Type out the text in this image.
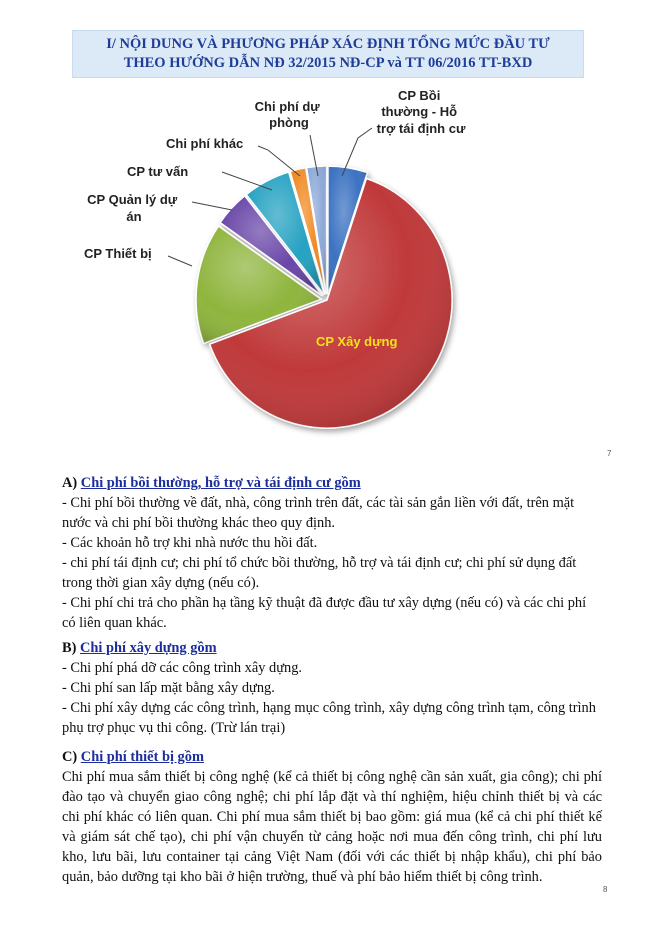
I/ NỘI DUNG VÀ PHƯƠNG PHÁP XÁC ĐỊNH TỔNG MỨC ĐẦU TƯ
THEO HƯỚNG DẪN NĐ 32/2015 NĐ-CP và TT 06/2016 TT-BXD
CP Bồi thường - Hỗ trợ tái định cư
Chi phí dự phòng
Chi phí khác
CP tư vấn
CP Quản lý dự án
CP Thiết bị
CP Xây dựng
7
A) Chi phí bồi thường, hỗ trợ và tái định cư gồm

- Chi phí bồi thường về đất, nhà, công trình trên đất, các tài sản gắn liền với đất, trên mặt nước và chi phí bồi thường khác theo quy định.

- Các khoản hỗ trợ khi nhà nước thu hồi đất.

- chi phí tái định cư; chi phí tổ chức bồi thường, hỗ trợ và tái định cư; chi phí sử dụng đất trong thời gian xây dựng (nếu có).

- Chi phí chi trả cho phần hạ tầng kỹ thuật đã được đầu tư xây dựng (nếu có) và các chi phí có liên quan khác.

B) Chi phí xây dựng gồm

- Chi phí phá dỡ các công trình xây dựng.

- Chi phí san lấp mặt bằng xây dựng.

- Chi phí xây dựng các công trình, hạng mục công trình, xây dựng công trình tạm, công trình phụ trợ phục vụ thi công. (Trừ lán trại)

C) Chi phí thiết bị gồm

Chi phí mua sắm thiết bị công nghệ (kể cả thiết bị công nghệ cần sản xuất, gia công); chi phí đào tạo và chuyển giao công nghệ; chi phí lắp đặt và thí nghiệm, hiệu chỉnh thiết bị và các chi phí khác có liên quan. Chi phí mua sắm thiết bị bao gồm: giá mua (kể cả chi phí thiết kế và giám sát chế tạo), chi phí vận chuyển từ cảng hoặc nơi mua đến công trình, chi phí lưu kho, lưu bãi, lưu container tại cảng Việt Nam (đối với các thiết bị nhập khẩu), chi phí bảo quản, bảo dưỡng tại kho bãi ở hiện trường, thuế và phí bảo hiểm thiết bị công trình.

8
